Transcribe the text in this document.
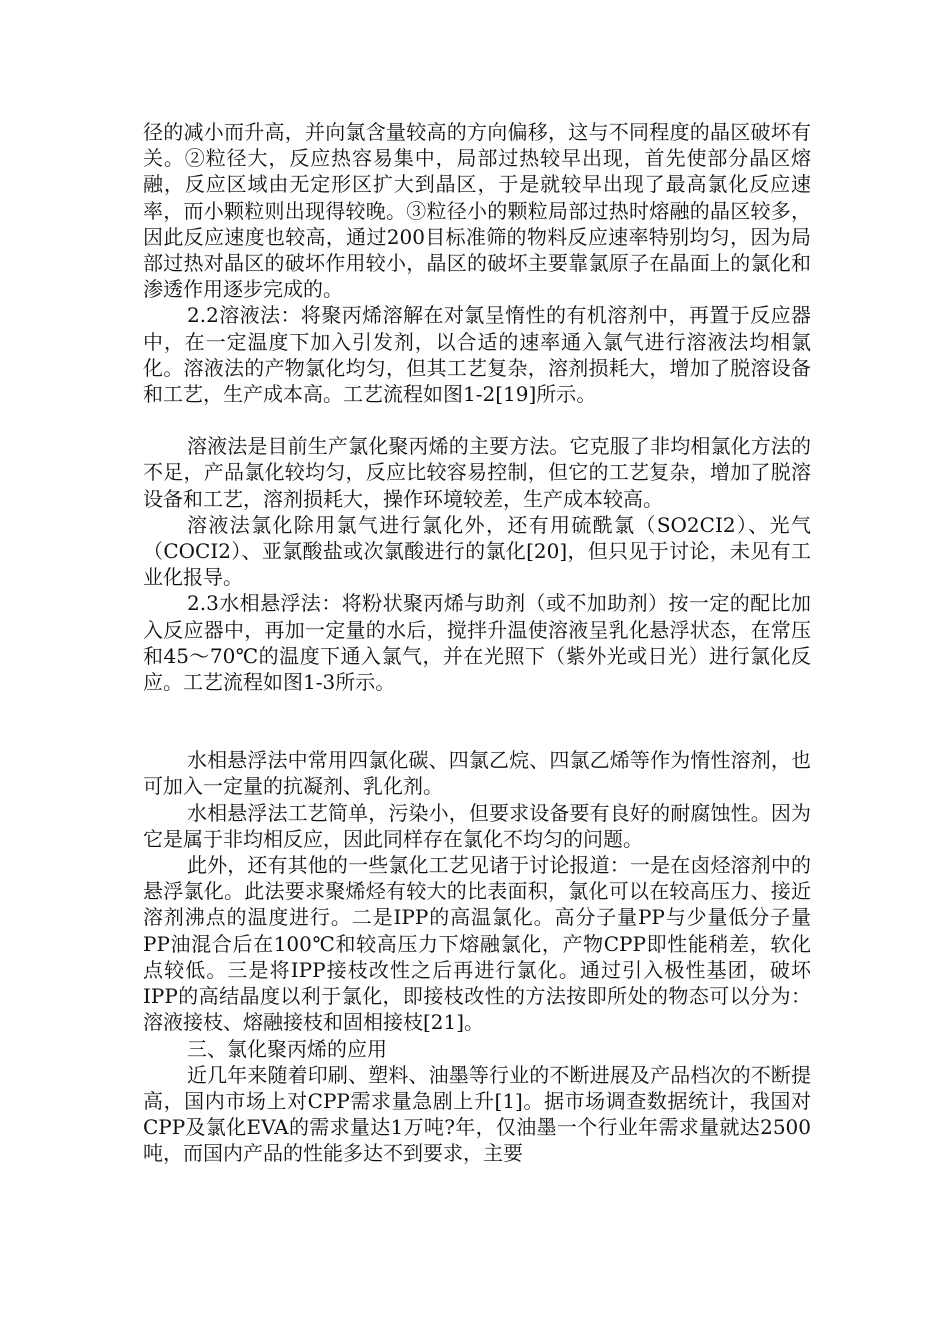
径的减小而升高，并向氯含量较高的方向偏移，这与不同程度的晶区破坏有关。②粒径大，反应热容易集中，局部过热较早出现，首先使部分晶区熔融，反应区域由无定形区扩大到晶区，于是就较早出现了最高氯化反应速率，而小颗粒则出现得较晚。③粒径小的颗粒局部过热时熔融的晶区较多，因此反应速度也较高，通过200目标准筛的物料反应速率特别均匀，因为局部过热对晶区的破坏作用较小，晶区的破坏主要靠氯原子在晶面上的氯化和渗透作用逐步完成的。

2.2溶液法：将聚丙烯溶解在对氯呈惰性的有机溶剂中，再置于反应器中，在一定温度下加入引发剂，以合适的速率通入氯气进行溶液法均相氯化。溶液法的产物氯化均匀，但其工艺复杂，溶剂损耗大，增加了脱溶设备和工艺，生产成本高。工艺流程如图1-2[19]所示。

溶液法是目前生产氯化聚丙烯的主要方法。它克服了非均相氯化方法的不足，产品氯化较均匀，反应比较容易控制，但它的工艺复杂，增加了脱溶设备和工艺，溶剂损耗大，操作环境较差，生产成本较高。

溶液法氯化除用氯气进行氯化外，还有用硫酰氯（SO2CI2）、光气（COCI2）、亚氯酸盐或次氯酸进行的氯化[20]，但只见于讨论，未见有工业化报导。

2.3水相悬浮法：将粉状聚丙烯与助剂（或不加助剂）按一定的配比加入反应器中，再加一定量的水后，搅拌升温使溶液呈乳化悬浮状态，在常压和45～70℃的温度下通入氯气，并在光照下（紫外光或日光）进行氯化反应。工艺流程如图1-3所示。

水相悬浮法中常用四氯化碳、四氯乙烷、四氯乙烯等作为惰性溶剂，也可加入一定量的抗凝剂、乳化剂。

水相悬浮法工艺简单，污染小，但要求设备要有良好的耐腐蚀性。因为它是属于非均相反应，因此同样存在氯化不均匀的问题。

此外，还有其他的一些氯化工艺见诸于讨论报道：一是在卤烃溶剂中的悬浮氯化。此法要求聚烯烃有较大的比表面积，氯化可以在较高压力、接近溶剂沸点的温度进行。二是IPP的高温氯化。高分子量PP与少量低分子量PP油混合后在100℃和较高压力下熔融氯化，产物CPP即性能稍差，软化点较低。三是将IPP接枝改性之后再进行氯化。通过引入极性基团，破坏IPP的高结晶度以利于氯化，即接枝改性的方法按即所处的物态可以分为：溶液接枝、熔融接枝和固相接枝[21]。

三、氯化聚丙烯的应用

近几年来随着印刷、塑料、油墨等行业的不断进展及产品档次的不断提高，国内市场上对CPP需求量急剧上升[1]。据市场调查数据统计，我国对CPP及氯化EVA的需求量达1万吨?年，仅油墨一个行业年需求量就达2500吨，而国内产品的性能多达不到要求，主要
